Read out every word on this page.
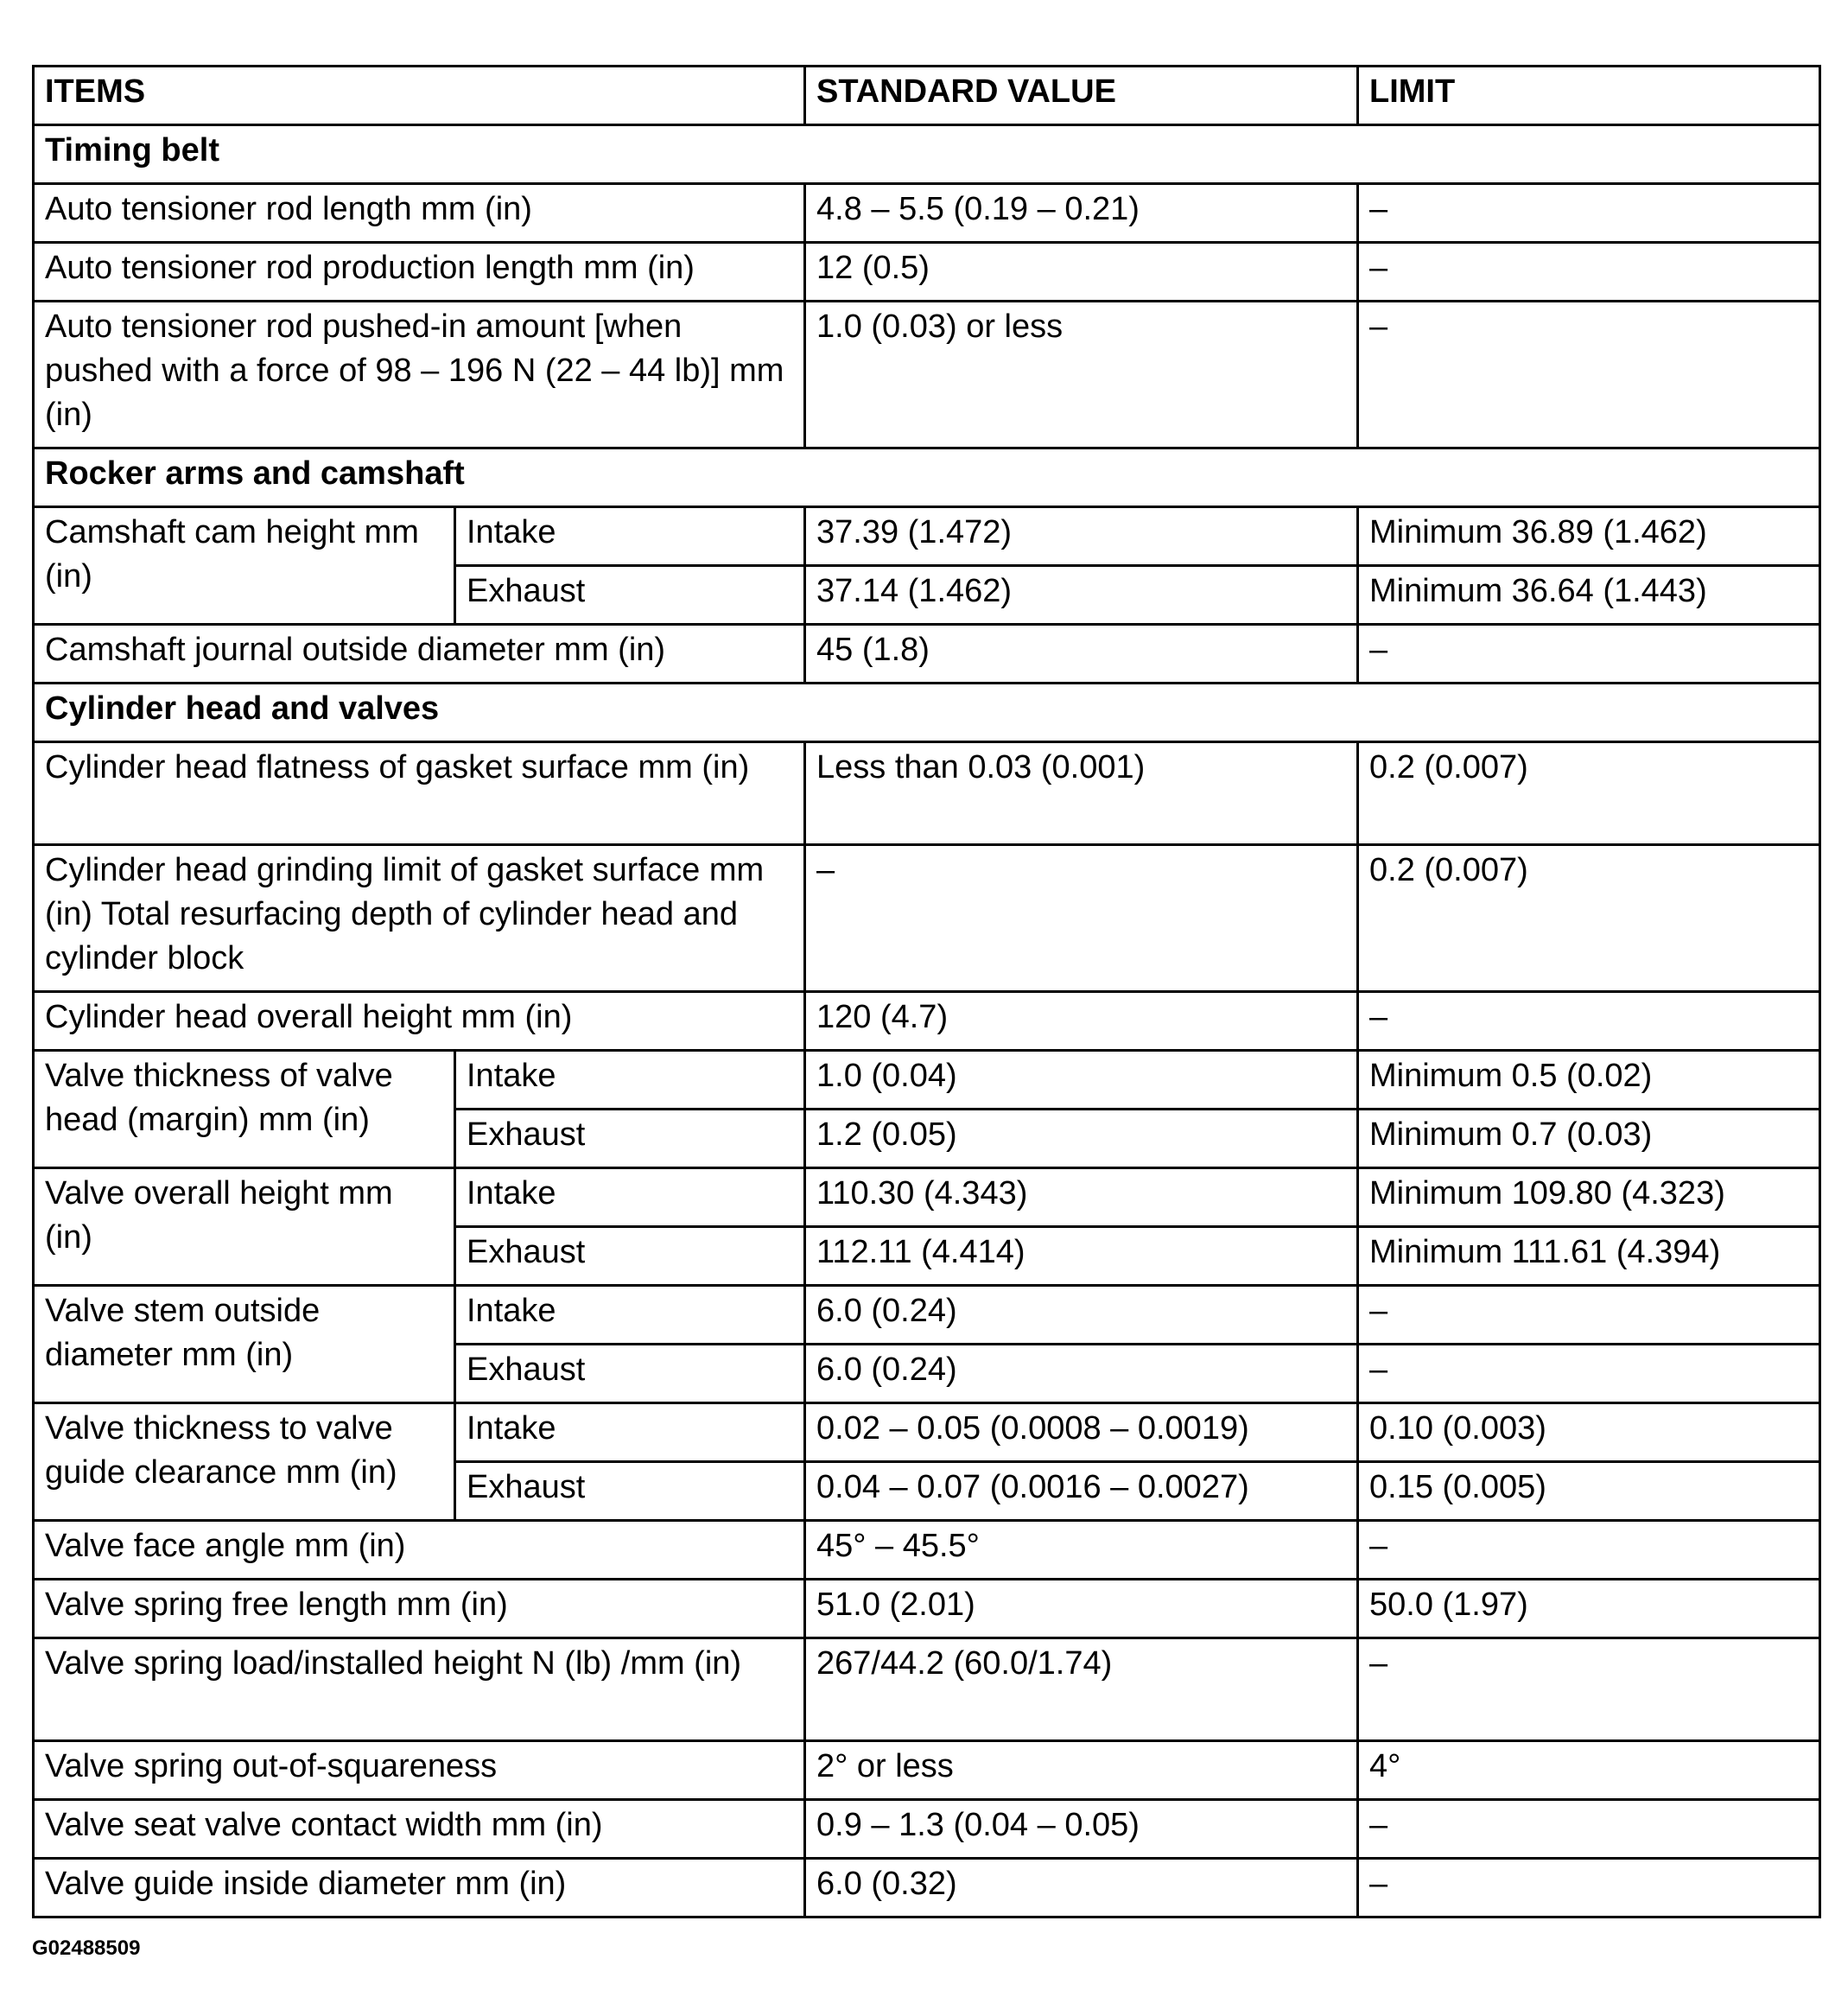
ITEMS		STANDARD VALUE	LIMIT
Timing belt			
Auto tensioner rod length mm (in)		4.8 – 5.5 (0.19 – 0.21)	–
Auto tensioner rod production length mm (in)		12 (0.5)	–
Auto tensioner rod pushed-in amount [when pushed with a force of 98 – 196 N (22 – 44 lb)] mm (in)		1.0 (0.03) or less	–
Rocker arms and camshaft			
Camshaft cam height mm (in)	Intake	37.39 (1.472)	Minimum 36.89 (1.462)
	Exhaust	37.14 (1.462)	Minimum 36.64 (1.443)
Camshaft journal outside diameter mm (in)		45 (1.8)	–
Cylinder head and valves			
Cylinder head flatness of gasket surface mm (in)		Less than 0.03 (0.001)	0.2 (0.007)
Cylinder head grinding limit of gasket surface mm (in) Total resurfacing depth of cylinder head and cylinder block		–	0.2 (0.007)
Cylinder head overall height mm (in)		120 (4.7)	–
Valve thickness of valve head (margin) mm (in)	Intake	1.0 (0.04)	Minimum 0.5 (0.02)
	Exhaust	1.2 (0.05)	Minimum 0.7 (0.03)
Valve overall height mm (in)	Intake	110.30 (4.343)	Minimum 109.80 (4.323)
	Exhaust	112.11 (4.414)	Minimum 111.61 (4.394)
Valve stem outside diameter mm (in)	Intake	6.0 (0.24)	–
	Exhaust	6.0 (0.24)	–
Valve thickness to valve guide clearance mm (in)	Intake	0.02 – 0.05 (0.0008 – 0.0019)	0.10 (0.003)
	Exhaust	0.04 – 0.07 (0.0016 – 0.0027)	0.15 (0.005)
Valve face angle mm (in)		45° – 45.5°	–
Valve spring free length mm (in)		51.0 (2.01)	50.0 (1.97)
Valve spring load/installed height N (lb) /mm (in)		267/44.2 (60.0/1.74)	–
Valve spring out-of-squareness		2° or less	4°
Valve seat valve contact width mm (in)		0.9 – 1.3 (0.04 – 0.05)	–
Valve guide inside diameter mm (in)		6.0 (0.32)	–
G02488509
